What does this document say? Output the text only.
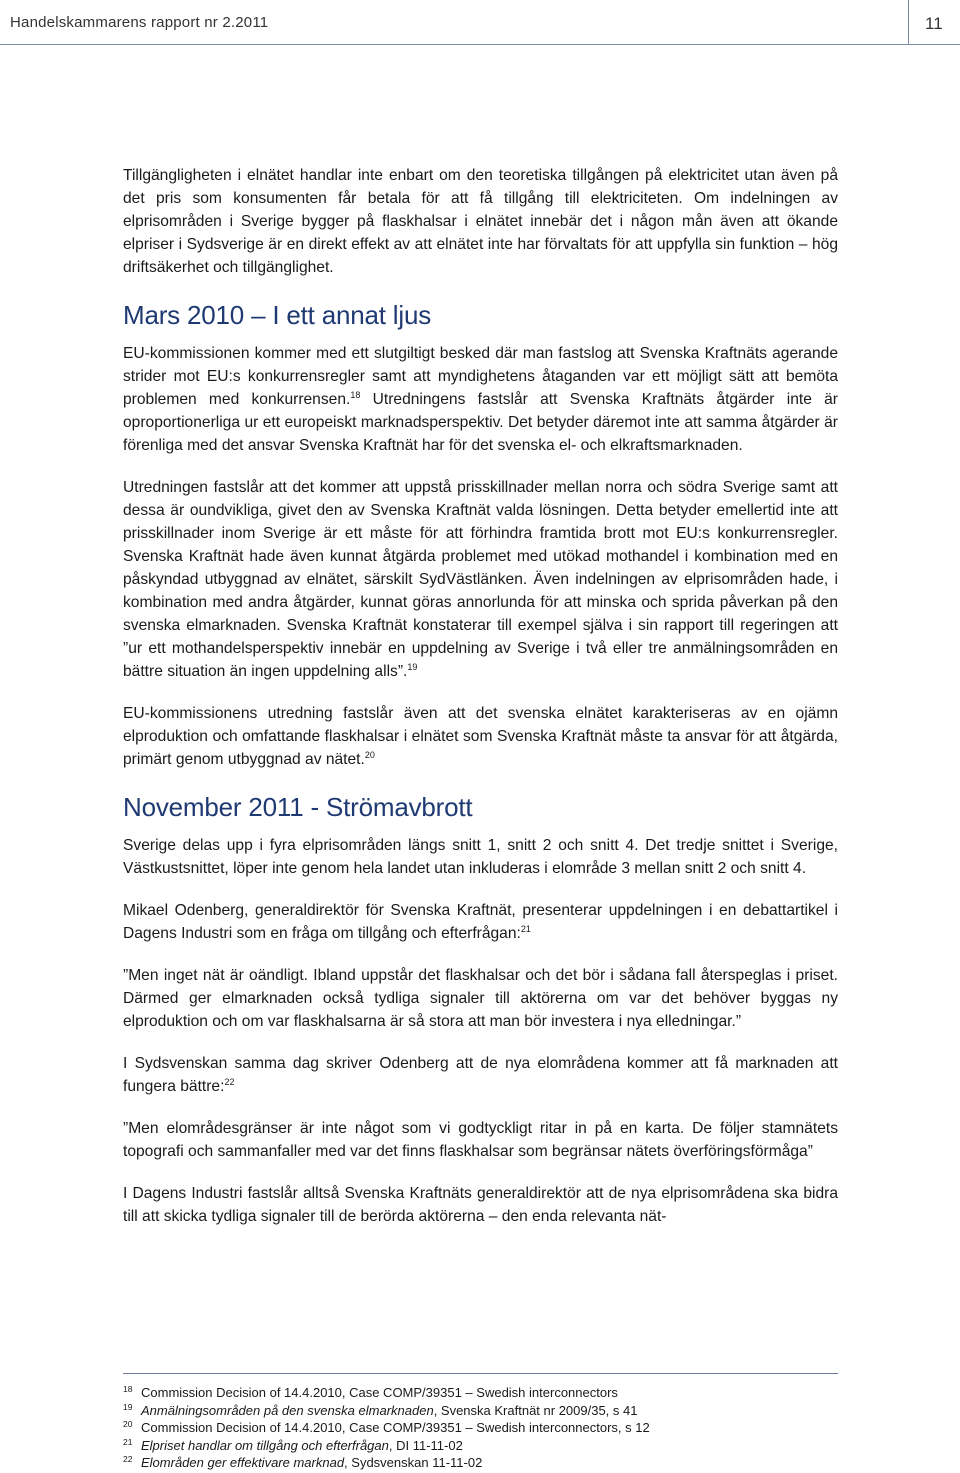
Handelskammarens rapport nr 2.2011	11

Tillgängligheten i elnätet handlar inte enbart om den teoretiska tillgången på elektricitet utan även på det pris som konsumenten får betala för att få tillgång till elektriciteten. Om indelningen av elprisområden i Sverige bygger på flaskhalsar i elnätet innebär det i någon mån även att ökande elpriser i Sydsverige är en direkt effekt av att elnätet inte har förvaltats för att uppfylla sin funktion – hög driftsäkerhet och tillgänglighet.

Mars 2010 – I ett annat ljus

EU-kommissionen kommer med ett slutgiltigt besked där man fastslog att Svenska Kraftnäts agerande strider mot EU:s konkurrensregler samt att myndighetens åtaganden var ett möjligt sätt att bemöta problemen med konkurrensen.$^{18}$ Utredningens fastslår att Svenska Kraftnäts åtgärder inte är oproportionerliga ur ett europeiskt marknadsperspektiv. Det betyder däremot inte att samma åtgärder är förenliga med det ansvar Svenska Kraftnät har för det svenska el- och elkraftsmarknaden.

Utredningen fastslår att det kommer att uppstå prisskillnader mellan norra och södra Sverige samt att dessa är oundvikliga, givet den av Svenska Kraftnät valda lösningen. Detta betyder emellertid inte att prisskillnader inom Sverige är ett måste för att förhindra framtida brott mot EU:s konkurrensregler. Svenska Kraftnät hade även kunnat åtgärda problemet med utökad mothandel i kombination med en påskyndad utbyggnad av elnätet, särskilt SydVästlänken. Även indelningen av elprisområden hade, i kombination med andra åtgärder, kunnat göras annorlunda för att minska och sprida påverkan på den svenska elmarknaden. Svenska Kraftnät konstaterar till exempel själva i sin rapport till regeringen att ”ur ett mothandelsperspektiv innebär en uppdelning av Sverige i två eller tre anmälningsområden en bättre situation än ingen uppdelning alls”.$^{19}$

EU-kommissionens utredning fastslår även att det svenska elnätet karakteriseras av en ojämn elproduktion och omfattande flaskhalsar i elnätet som Svenska Kraftnät måste ta ansvar för att åtgärda, primärt genom utbyggnad av nätet.$^{20}$

November 2011 - Strömavbrott

Sverige delas upp i fyra elprisområden längs snitt 1, snitt 2 och snitt 4. Det tredje snittet i Sverige, Västkustsnittet, löper inte genom hela landet utan inkluderas i elområde 3 mellan snitt 2 och snitt 4.

Mikael Odenberg, generaldirektör för Svenska Kraftnät, presenterar uppdelningen i en debattartikel i Dagens Industri som en fråga om tillgång och efterfrågan:$^{21}$

”Men inget nät är oändligt. Ibland uppstår det flaskhalsar och det bör i sådana fall återspeglas i priset. Därmed ger elmarknaden också tydliga signaler till aktörerna om var det behöver byggas ny elproduktion och om var flaskhalsarna är så stora att man bör investera i nya elledningar.”

I Sydsvenskan samma dag skriver Odenberg att de nya elområdena kommer att få marknaden att fungera bättre:$^{22}$

”Men elområdesgränser är inte något som vi godtyckligt ritar in på en karta. De följer stamnätets topografi och sammanfaller med var det finns flaskhalsar som begränsar nätets överföringsförmåga”

I Dagens Industri fastslår alltså Svenska Kraftnäts generaldirektör att de nya elprisområdena ska bidra till att skicka tydliga signaler till de berörda aktörerna – den enda relevanta nät-

18 Commission Decision of 14.4.2010, Case COMP/39351 – Swedish interconnectors
19 Anmälningsområden på den svenska elmarknaden, Svenska Kraftnät nr 2009/35, s 41
20 Commission Decision of 14.4.2010, Case COMP/39351 – Swedish interconnectors, s 12
21 Elpriset handlar om tillgång och efterfrågan, DI 11-11-02
22 Elområden ger effektivare marknad, Sydsvenskan 11-11-02
